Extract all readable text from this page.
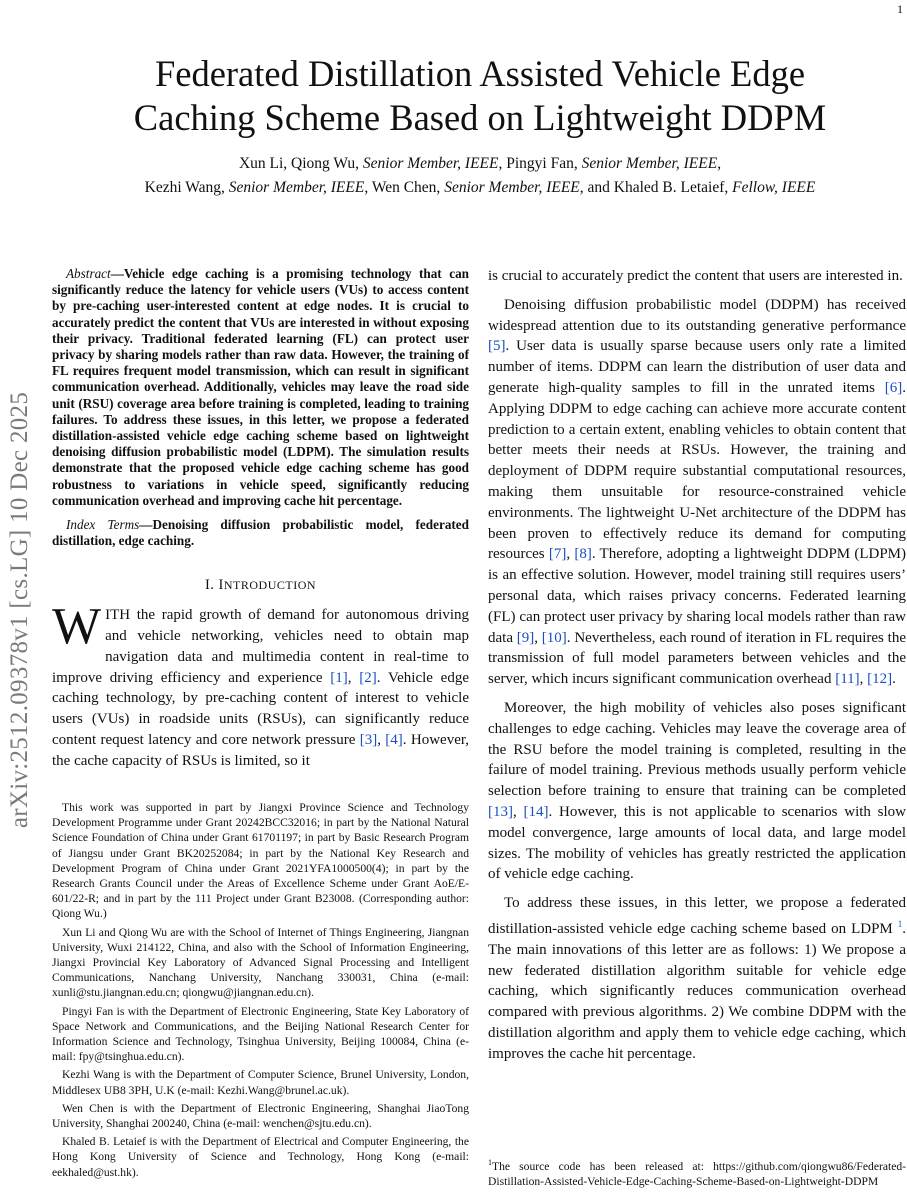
1
arXiv:2512.09378v1 [cs.LG] 10 Dec 2025
Federated Distillation Assisted Vehicle Edge
Caching Scheme Based on Lightweight DDPM
Xun Li, Qiong Wu, Senior Member, IEEE, Pingyi Fan, Senior Member, IEEE,
Kezhi Wang, Senior Member, IEEE, Wen Chen, Senior Member, IEEE, and Khaled B. Letaief, Fellow, IEEE

Abstract—Vehicle edge caching is a promising technology that can significantly reduce the latency for vehicle users (VUs) to access content by pre-caching user-interested content at edge nodes. It is crucial to accurately predict the content that VUs are interested in without exposing their privacy. Traditional federated learning (FL) can protect user privacy by sharing models rather than raw data. However, the training of FL requires frequent model transmission, which can result in significant communication overhead. Additionally, vehicles may leave the road side unit (RSU) coverage area before training is completed, leading to training failures. To address these issues, in this letter, we propose a federated distillation-assisted vehicle edge caching scheme based on lightweight denoising diffusion probabilistic model (LDPM). The simulation results demonstrate that the proposed vehicle edge caching scheme has good robustness to variations in vehicle speed, significantly reducing communication overhead and improving cache hit percentage.

Index Terms—Denoising diffusion probabilistic model, federated distillation, edge caching.

I. INTRODUCTION

WITH the rapid growth of demand for autonomous driving and vehicle networking, vehicles need to obtain map navigation data and multimedia content in real-time to improve driving efficiency and experience [1], [2]. Vehicle edge caching technology, by pre-caching content of interest to vehicle users (VUs) in roadside units (RSUs), can significantly reduce content request latency and core network pressure [3], [4]. However, the cache capacity of RSUs is limited, so it

This work was supported in part by Jiangxi Province Science and Technology Development Programme under Grant 20242BCC32016; in part by the National Natural Science Foundation of China under Grant 61701197; in part by Basic Research Program of Jiangsu under Grant BK20252084; in part by the National Key Research and Development Program of China under Grant 2021YFA1000500(4); in part by the Research Grants Council under the Areas of Excellence Scheme under Grant AoE/E-601/22-R; and in part by the 111 Project under Grant B23008. (Corresponding author: Qiong Wu.)

Xun Li and Qiong Wu are with the School of Internet of Things Engineering, Jiangnan University, Wuxi 214122, China, and also with the School of Information Engineering, Jiangxi Provincial Key Laboratory of Advanced Signal Processing and Intelligent Communications, Nanchang University, Nanchang 330031, China (e-mail: xunli@stu.jiangnan.edu.cn; qiongwu@jiangnan.edu.cn).

Pingyi Fan is with the Department of Electronic Engineering, State Key Laboratory of Space Network and Communications, and the Beijing National Research Center for Information Science and Technology, Tsinghua University, Beijing 100084, China (e-mail: fpy@tsinghua.edu.cn).

Kezhi Wang is with the Department of Computer Science, Brunel University, London, Middlesex UB8 3PH, U.K (e-mail: Kezhi.Wang@brunel.ac.uk).

Wen Chen is with the Department of Electronic Engineering, Shanghai JiaoTong University, Shanghai 200240, China (e-mail: wenchen@sjtu.edu.cn).

Khaled B. Letaief is with the Department of Electrical and Computer Engineering, the Hong Kong University of Science and Technology, Hong Kong (e-mail: eekhaled@ust.hk).

is crucial to accurately predict the content that users are interested in.

Denoising diffusion probabilistic model (DDPM) has received widespread attention due to its outstanding generative performance [5]. User data is usually sparse because users only rate a limited number of items. DDPM can learn the distribution of user data and generate high-quality samples to fill in the unrated items [6]. Applying DDPM to edge caching can achieve more accurate content prediction to a certain extent, enabling vehicles to obtain content that better meets their needs at RSUs. However, the training and deployment of DDPM require substantial computational resources, making them unsuitable for resource-constrained vehicle environments. The lightweight U-Net architecture of the DDPM has been proven to effectively reduce its demand for computing resources [7], [8]. Therefore, adopting a lightweight DDPM (LDPM) is an effective solution. However, model training still requires users’ personal data, which raises privacy concerns. Federated learning (FL) can protect user privacy by sharing local models rather than raw data [9], [10]. Nevertheless, each round of iteration in FL requires the transmission of full model parameters between vehicles and the server, which incurs significant communication overhead [11], [12].

Moreover, the high mobility of vehicles also poses significant challenges to edge caching. Vehicles may leave the coverage area of the RSU before the model training is completed, resulting in the failure of model training. Previous methods usually perform vehicle selection before training to ensure that training can be completed [13], [14]. However, this is not applicable to scenarios with slow model convergence, large amounts of local data, and large model sizes. The mobility of vehicles has greatly restricted the application of vehicle edge caching.

To address these issues, in this letter, we propose a federated distillation-assisted vehicle edge caching scheme based on LDPM $^1$. The main innovations of this letter are as follows: 1) We propose a new federated distillation algorithm suitable for vehicle edge caching, which significantly reduces communication overhead compared with previous algorithms. 2) We combine DDPM with the distillation algorithm and apply them to vehicle edge caching, which improves the cache hit percentage.

$^1$The source code has been released at: https://github.com/qiongwu86/Federated-Distillation-Assisted-Vehicle-Edge-Caching-Scheme-Based-on-Lightweight-DDPM
